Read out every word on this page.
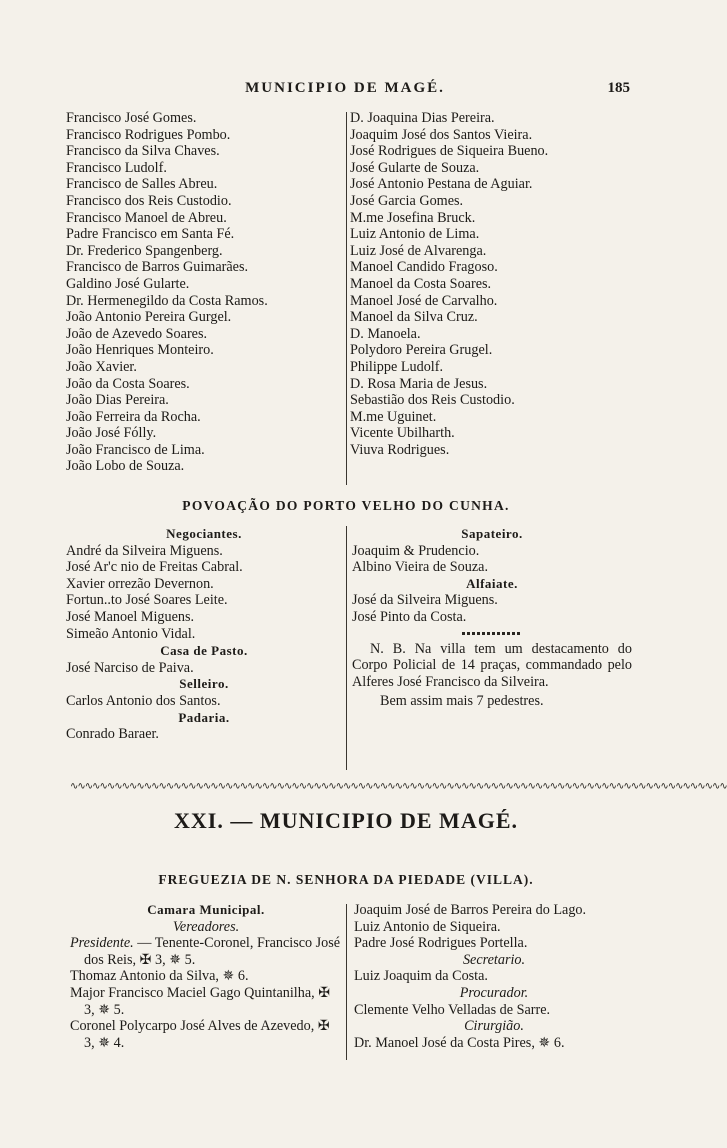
MUNICIPIO DE MAGÉ.	185
Francisco José Gomes.
Francisco Rodrigues Pombo.
Francisco da Silva Chaves.
Francisco Ludolf.
Francisco de Salles Abreu.
Francisco dos Reis Custodio.
Francisco Manoel de Abreu.
Padre Francisco em Santa Fé.
Dr. Frederico Spangenberg.
Francisco de Barros Guimarães.
Galdino José Gularte.
Dr. Hermenegildo da Costa Ramos.
João Antonio Pereira Gurgel.
João de Azevedo Soares.
João Henriques Monteiro.
João Xavier.
João da Costa Soares.
João Dias Pereira.
João Ferreira da Rocha.
João José Fólly.
João Francisco de Lima.
João Lobo de Souza.
D. Joaquina Dias Pereira.
Joaquim José dos Santos Vieira.
José Rodrigues de Siqueira Bueno.
José Gularte de Souza.
José Antonio Pestana de Aguiar.
José Garcia Gomes.
M.me Josefina Bruck.
Luiz Antonio de Lima.
Luiz José de Alvarenga.
Manoel Candido Fragoso.
Manoel da Costa Soares.
Manoel José de Carvalho.
Manoel da Silva Cruz.
D. Manoela.
Polydoro Pereira Grugel.
Philippe Ludolf.
D. Rosa Maria de Jesus.
Sebastião dos Reis Custodio.
M.me Uguinet.
Vicente Ubilharth.
Viuva Rodrigues.
POVOAÇÃO DO PORTO VELHO DO CUNHA.
Negociantes.
André da Silveira Miguens.
José Ar'c nio de Freitas Cabral.
Xavier orrezão Devernon.
Fortun..to José Soares Leite.
José Manoel Miguens.
Simeão Antonio Vidal.
Casa de Pasto.
José Narciso de Paiva.
Selleiro.
Carlos Antonio dos Santos.
Padaria.
Conrado Baraer.
Sapateiro.
Joaquim & Prudencio.
Albino Vieira de Souza.
Alfaiate.
José da Silveira Miguens.
José Pinto da Costa.
N. B. Na villa tem um destacamento do Corpo Policial de 14 praças, commandado pelo Alferes José Francisco da Silveira.
Bem assim mais 7 pedestres.
∿∿∿∿∿∿∿∿∿∿∿∿∿∿∿∿∿∿∿∿∿∿∿∿∿∿∿∿∿∿∿∿∿∿∿∿∿∿∿∿∿∿∿∿∿∿∿∿∿∿∿∿∿∿∿∿∿∿∿∿∿∿∿∿∿∿∿∿∿∿∿∿∿∿∿∿∿∿∿∿∿∿∿∿∿∿∿∿∿
XXI. — MUNICIPIO DE MAGÉ.
FREGUEZIA DE N. SENHORA DA PIEDADE (VILLA).
Camara Municipal.
Vereadores.
Presidente. — Tenente-Coronel, Francisco José dos Reis, ✠ 3, ✵ 5.
Thomaz Antonio da Silva, ✵ 6.
Major Francisco Maciel Gago Quintanilha, ✠ 3, ✵ 5.
Coronel Polycarpo José Alves de Azevedo, ✠ 3, ✵ 4.
Joaquim José de Barros Pereira do Lago.
Luiz Antonio de Siqueira.
Padre José Rodrigues Portella.
Secretario.
Luiz Joaquim da Costa.
Procurador.
Clemente Velho Velladas de Sarre.
Cirurgião.
Dr. Manoel José da Costa Pires, ✵ 6.
